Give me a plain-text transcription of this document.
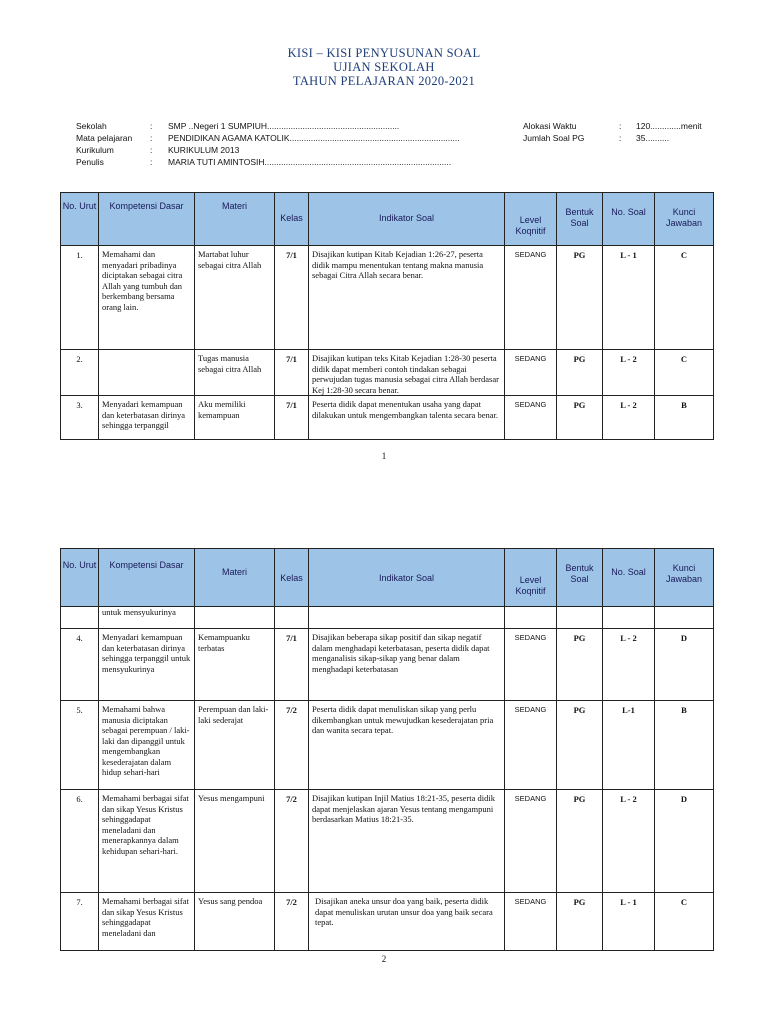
KISI – KISI PENYUSUNAN SOAL
UJIAN SEKOLAH
TAHUN PELAJARAN 2020-2021
Sekolah	:	SMP ..Negeri 1 SUMPIUH........................................................
Mata pelajaran	:	PENDIDIKAN AGAMA KATOLIK........................................................................
Kurikulum	:	KURIKULUM 2013
Penulis	:	MARIA TUTI AMINTOSIH...............................................................................
Alokasi Waktu	:	120.............menit
Jumlah Soal PG	:	35..........
No. Urut	Kompetensi Dasar	Materi	Kelas	Indikator Soal	Level Koqnitif	Bentuk Soal	No. Soal	Kunci Jawaban

1.	Memahami dan menyadari pribadinya diciptakan sebagai citra Allah yang tumbuh dan berkembang bersama orang lain.	Martabat luhur sebagai citra Allah	7/1	Disajikan kutipan Kitab Kejadian 1:26-27, peserta didik mampu menentukan tentang makna manusia sebagai Citra Allah secara benar.	SEDANG	PG	L - 1	C

2.		Tugas manusia sebagai citra Allah	7/1	Disajikan kutipan teks Kitab Kejadian 1:28-30 peserta didik dapat memberi contoh tindakan sebagai perwujudan tugas manusia sebagai citra Allah berdasar Kej 1:28-30 secara benar.	SEDANG	PG	L - 2	C

3.	Menyadari kemampuan dan keterbatasan dirinya sehingga terpanggil	Aku memiliki kemampuan	7/1	Peserta didik dapat menentukan usaha yang dapat dilakukan untuk mengembangkan talenta secara benar.	SEDANG	PG	L - 2	B
1
No. Urut	Kompetensi Dasar	Materi	Kelas	Indikator Soal	Level Koqnitif	Bentuk Soal	No. Soal	Kunci Jawaban

	untuk mensyukurinya							

4.	Menyadari kemampuan dan keterbatasan dirinya sehingga terpanggil untuk mensyukurinya	Kemampuanku terbatas	7/1	Disajikan beberapa sikap positif dan sikap negatif dalam menghadapi keterbatasan, peserta didik dapat menganalisis sikap-sikap yang benar dalam menghadapi keterbatasan	SEDANG	PG	L - 2	D

5.	Memahami bahwa manusia diciptakan sebagai perempuan / laki-laki dan dipanggil untuk mengembangkan kesederajatan dalam hidup sehari-hari	Perempuan dan laki-laki sederajat	7/2	Peserta didik dapat menuliskan sikap yang perlu dikembangkan untuk mewujudkan kesederajatan pria dan wanita secara tepat.	SEDANG	PG	L-1	B

6.	Memahami berbagai sifat dan sikap Yesus Kristus sehinggadapat meneladani dan menerapkannya dalam kehidupan sehari-hari.	Yesus mengampuni	7/2	Disajikan kutipan Injil Matius 18:21-35, peserta didik dapat menjelaskan ajaran Yesus tentang mengampuni berdasarkan Matius 18:21-35.	SEDANG	PG	L - 2	D

7.	Memahami berbagai sifat dan sikap Yesus Kristus sehinggadapat meneladani dan	Yesus sang pendoa	7/2	Disajikan aneka unsur doa yang baik, peserta didik dapat menuliskan urutan unsur doa yang baik secara tepat.	SEDANG	PG	L - 1	C
2
